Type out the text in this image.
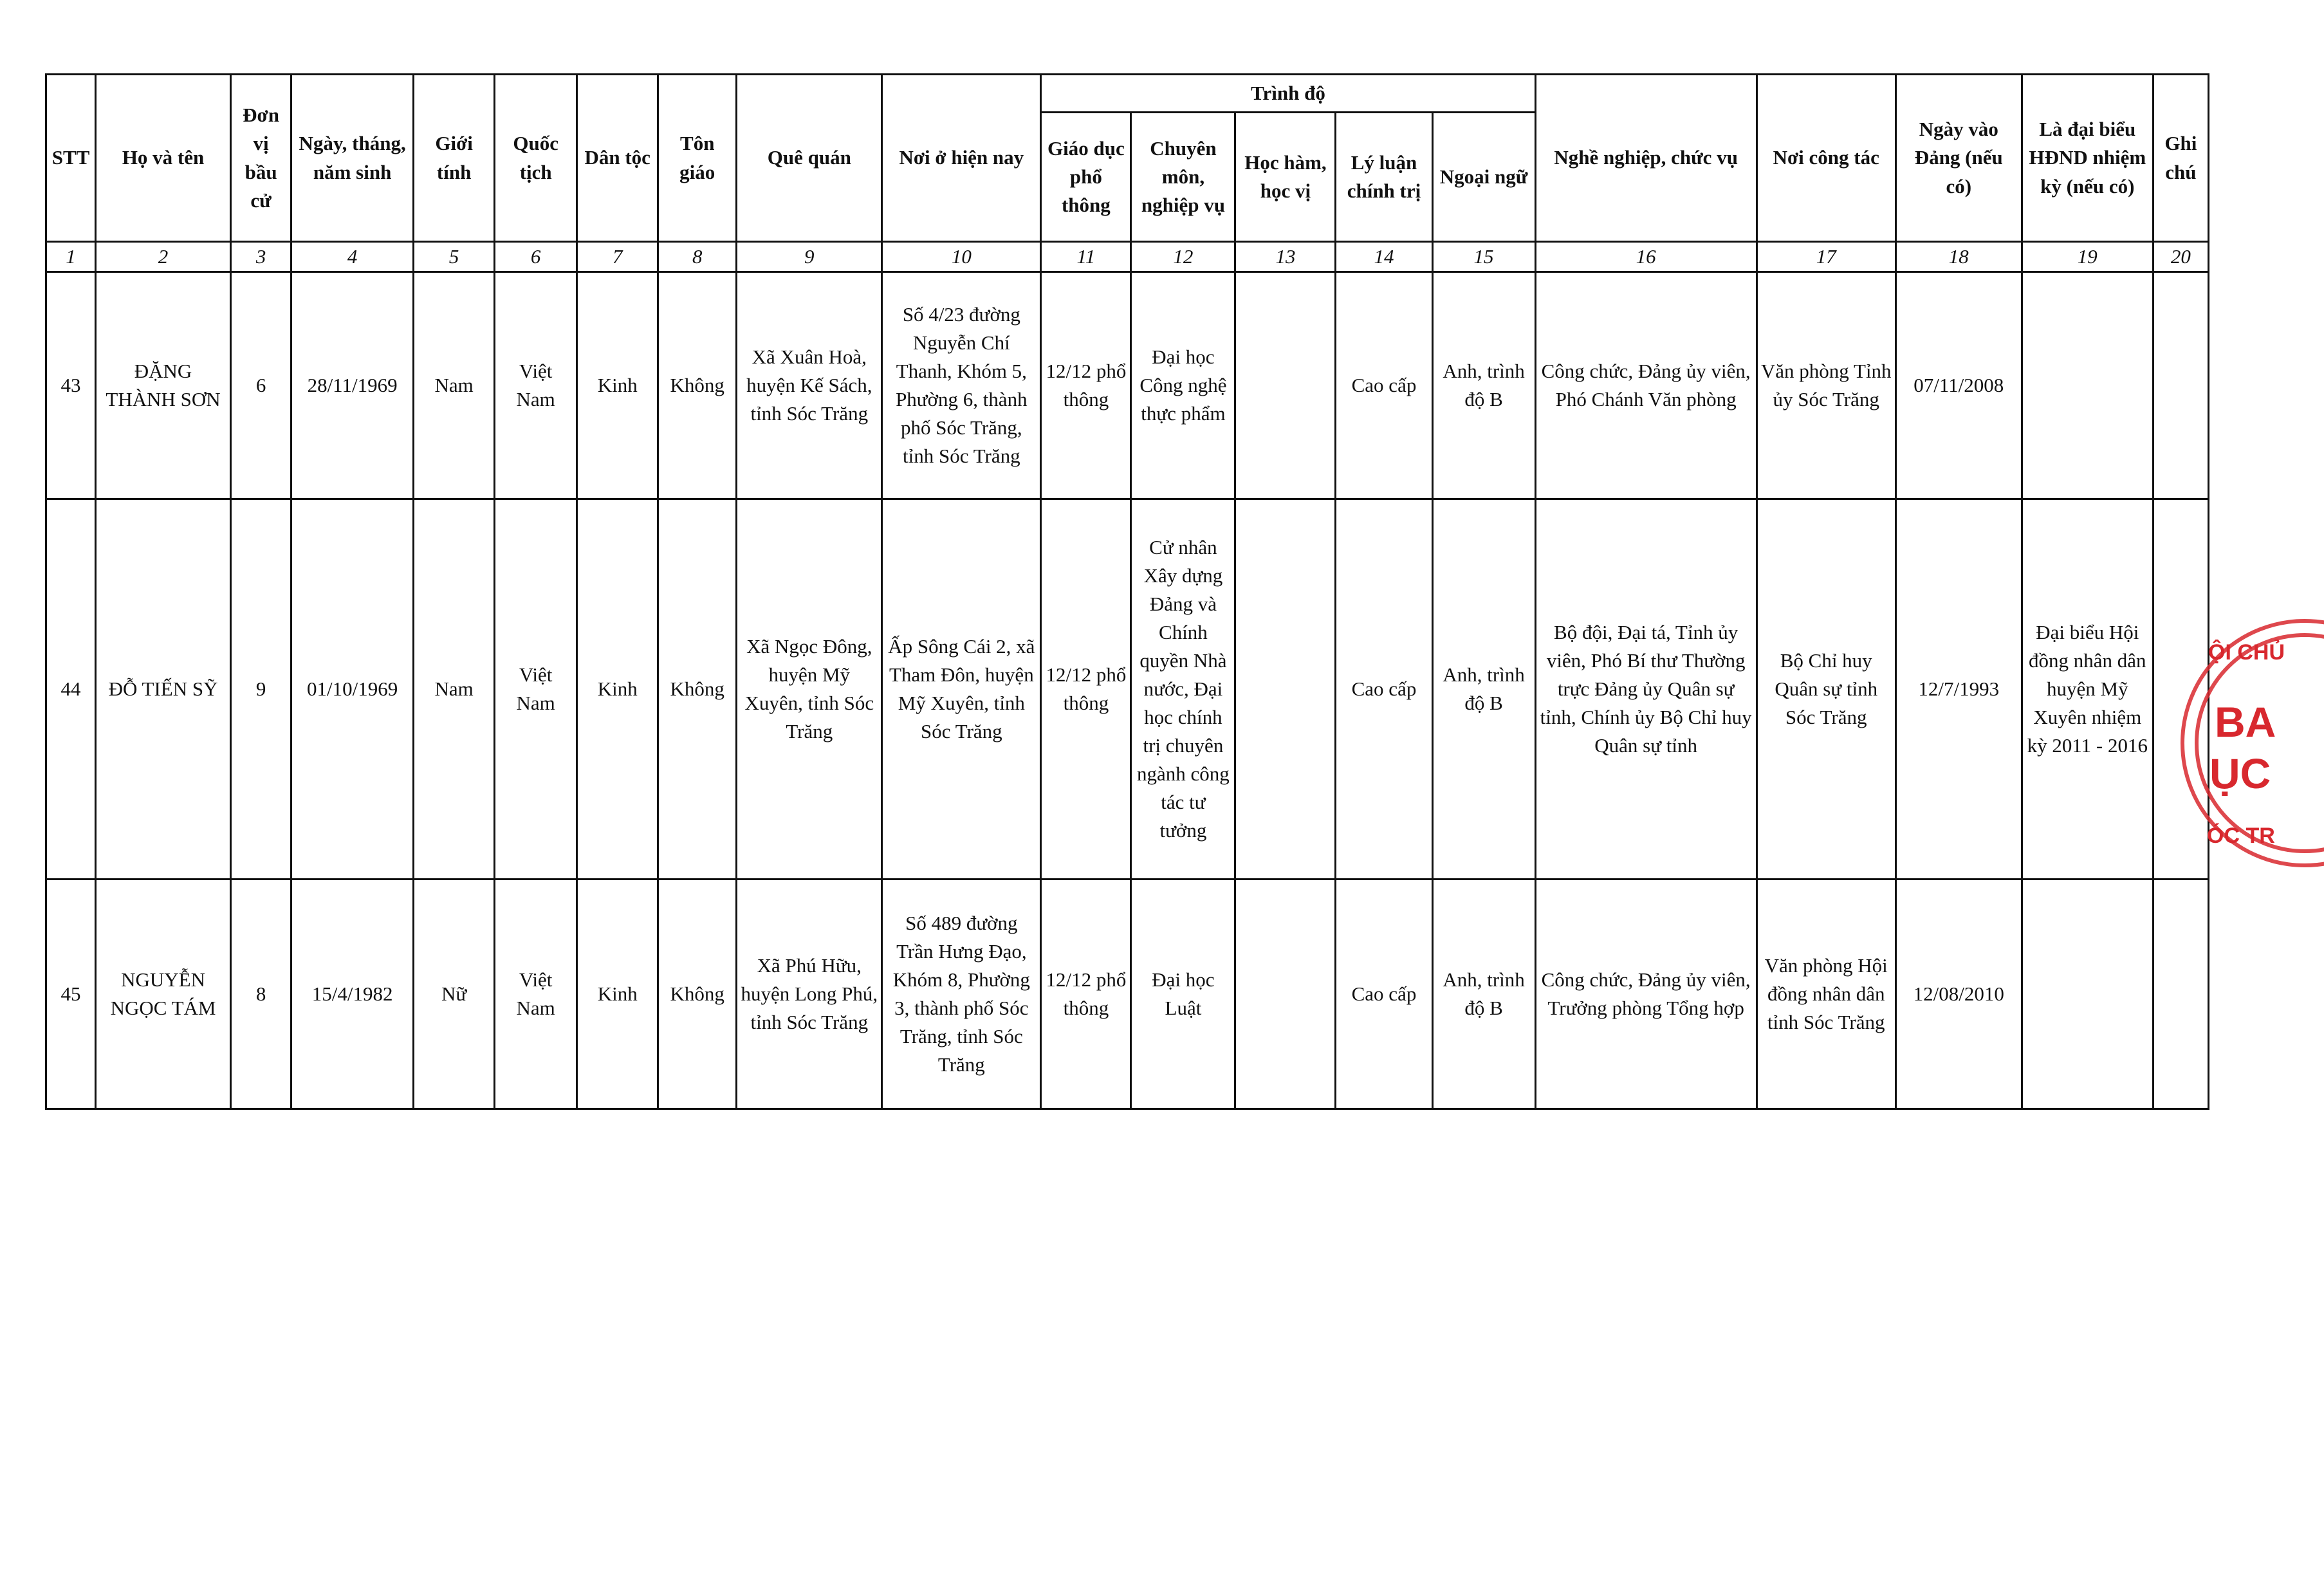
STT	Họ và tên	Đơn vị bầu cử	Ngày, tháng, năm sinh	Giới tính	Quốc tịch	Dân tộc	Tôn giáo	Quê quán	Nơi ở hiện nay	Trình độ					Nghề nghiệp, chức vụ	Nơi công tác	Ngày vào Đảng (nếu có)	Là đại biểu HĐND nhiệm kỳ (nếu có)	Ghi chú
										Giáo dục phổ thông	Chuyên môn, nghiệp vụ	Học hàm, học vị	Lý luận chính trị	Ngoại ngữ					
1	2	3	4	5	6	7	8	9	10	11	12	13	14	15	16	17	18	19	20
43	ĐẶNG THÀNH SƠN	6	28/11/1969	Nam	Việt Nam	Kinh	Không	Xã Xuân Hoà, huyện Kế Sách, tỉnh Sóc Trăng	Số 4/23 đường Nguyễn Chí Thanh, Khóm 5, Phường 6, thành phố Sóc Trăng, tỉnh Sóc Trăng	12/12 phổ thông	Đại học Công nghệ thực phẩm		Cao cấp	Anh, trình độ B	Công chức, Đảng ủy viên, Phó Chánh Văn phòng	Văn phòng Tỉnh ủy Sóc Trăng	07/11/2008		
44	ĐỖ TIẾN SỸ	9	01/10/1969	Nam	Việt Nam	Kinh	Không	Xã Ngọc Đông, huyện Mỹ Xuyên, tỉnh Sóc Trăng	Ấp Sông Cái 2, xã Tham Đôn, huyện Mỹ Xuyên, tỉnh Sóc Trăng	12/12 phổ thông	Cử nhân Xây dựng Đảng và Chính quyền Nhà nước, Đại học chính trị chuyên ngành công tác tư tưởng		Cao cấp	Anh, trình độ B	Bộ đội, Đại tá, Tỉnh ủy viên, Phó Bí thư Thường trực Đảng ủy Quân sự tỉnh, Chính ủy Bộ Chỉ huy Quân sự tỉnh	Bộ Chỉ huy Quân sự tỉnh Sóc Trăng	12/7/1993	Đại biểu Hội đồng nhân dân huyện Mỹ Xuyên nhiệm kỳ 2011 - 2016	
45	NGUYỄN NGỌC TÁM	8	15/4/1982	Nữ	Việt Nam	Kinh	Không	Xã Phú Hữu, huyện Long Phú, tỉnh Sóc Trăng	Số 489 đường Trần Hưng Đạo, Khóm 8, Phường 3, thành phố Sóc Trăng, tỉnh Sóc Trăng	12/12 phổ thông	Đại học Luật		Cao cấp	Anh, trình độ B	Công chức, Đảng ủy viên, Trưởng phòng Tổng hợp	Văn phòng Hội đồng nhân dân tỉnh Sóc Trăng	12/08/2010		
ỘI CHỦ
BA
ỤC
ÓC TR
